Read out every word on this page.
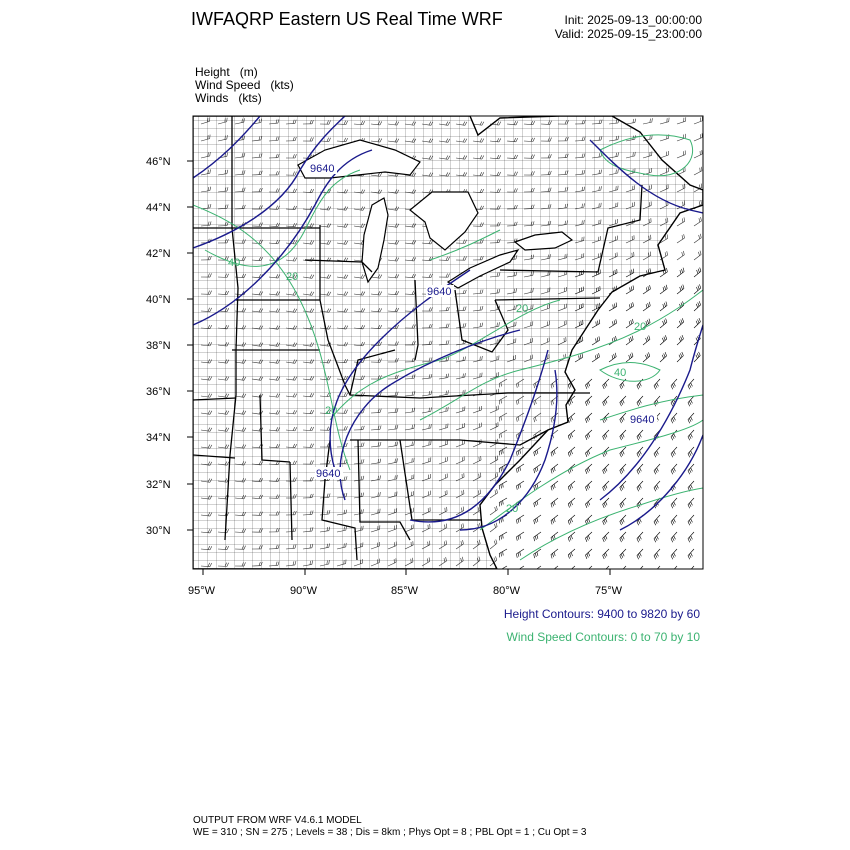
IWFAQRP Eastern US Real Time WRF	Init: 2025-09-13_00:00:00
Valid: 2025-09-15_23:00:00
Height (m)
Wind Speed (kts)
Winds (kts)
9640
9640
9640
9640
20
40
20
20
20
40
20
46°N
44°N
42°N
40°N
38°N
36°N
34°N
32°N
30°N
95°W	90°W	85°W	80°W	75°W
Height Contours: 9400 to 9820 by 60
Wind Speed Contours: 0 to 70 by 10
OUTPUT FROM WRF V4.6.1 MODEL
WE = 310 ; SN = 275 ; Levels = 38 ; Dis = 8km ; Phys Opt = 8 ; PBL Opt = 1 ; Cu Opt = 3
